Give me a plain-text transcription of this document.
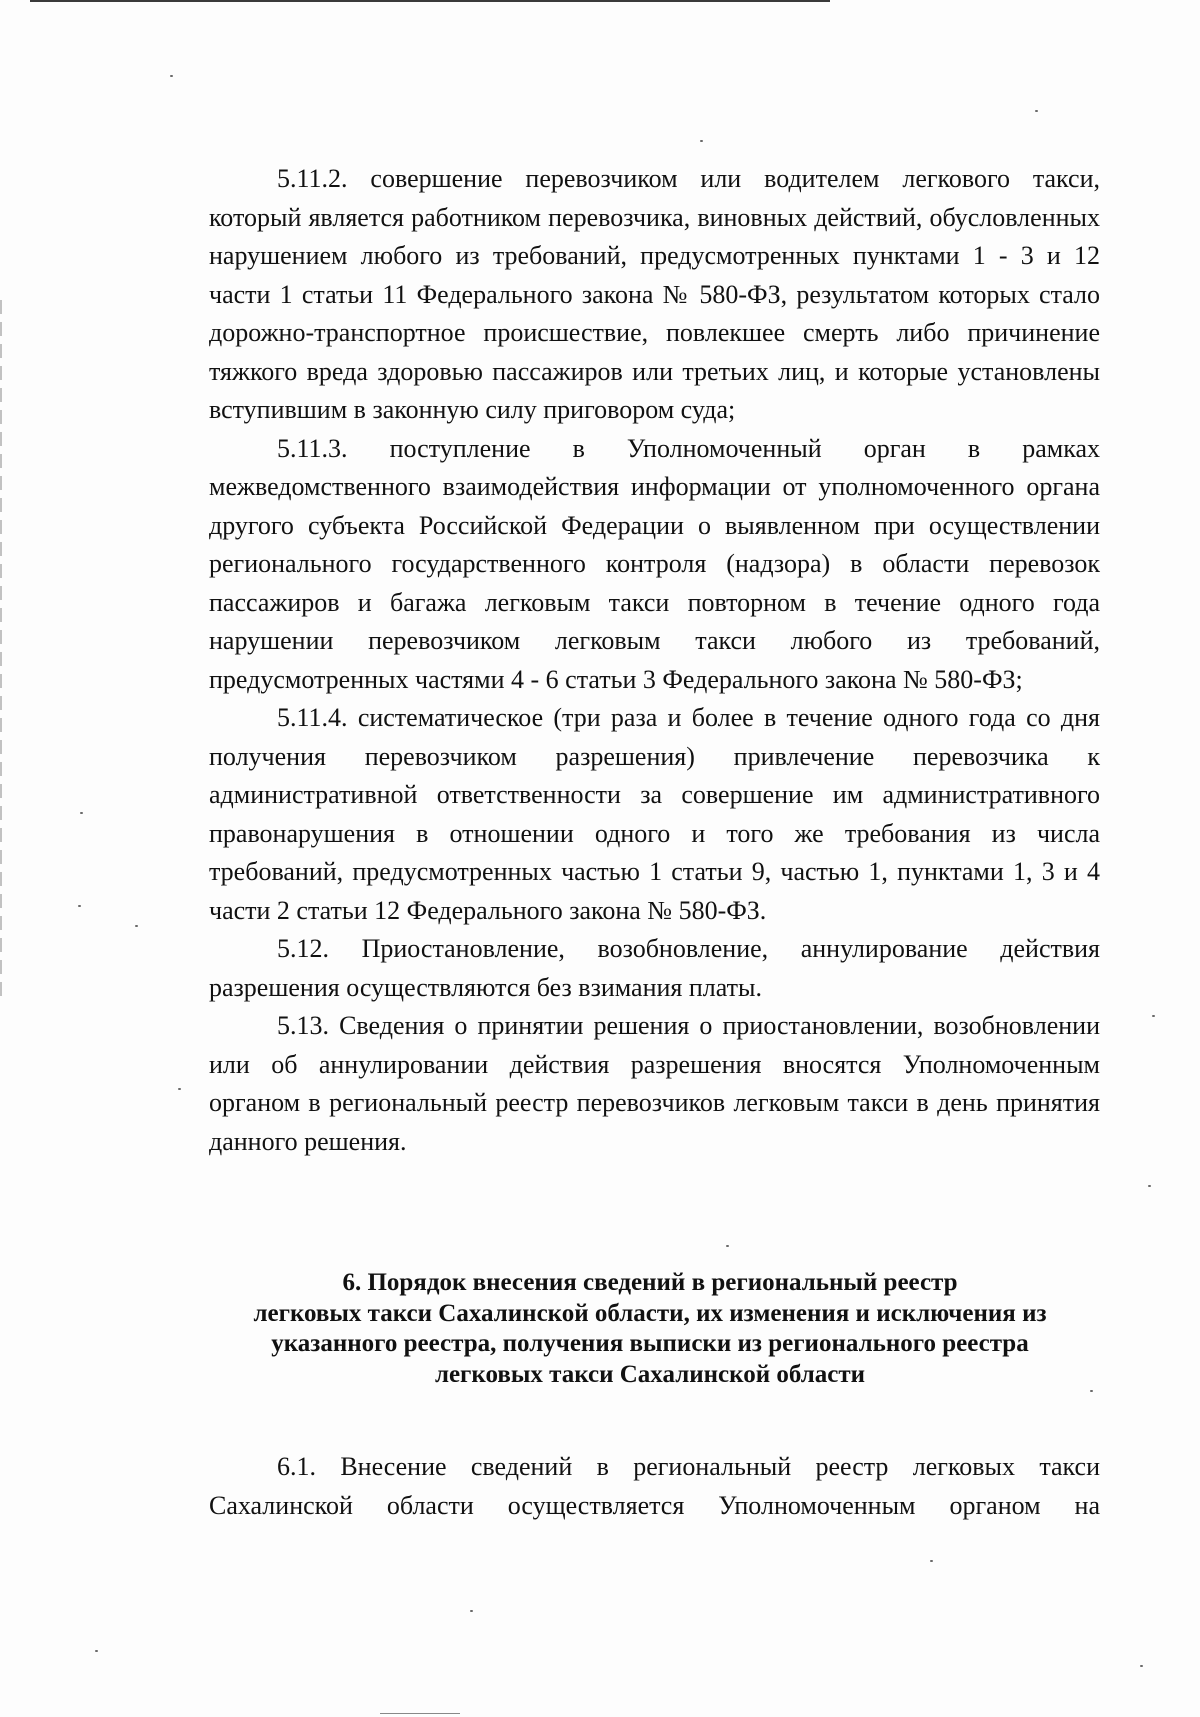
5.11.2. совершение перевозчиком или водителем легкового такси, который является работником перевозчика, виновных действий, обусловленных нарушением любого из требований, предусмотренных пунктами 1 - 3 и 12 части 1 статьи 11 Федерального закона № 580-ФЗ, результатом которых стало дорожно-транспортное происшествие, повлекшее смерть либо причинение тяжкого вреда здоровью пассажиров или третьих лиц, и которые установлены вступившим в законную силу приговором суда;

5.11.3. поступление в Уполномоченный орган в рамках межведомственного взаимодействия информации от уполномоченного органа другого субъекта Российской Федерации о выявленном при осуществлении регионального государственного контроля (надзора) в области перевозок пассажиров и багажа легковым такси повторном в течение одного года нарушении перевозчиком легковым такси любого из требований, предусмотренных частями 4 - 6 статьи 3 Федерального закона № 580-ФЗ;

5.11.4. систематическое (три раза и более в течение одного года со дня получения перевозчиком разрешения) привлечение перевозчика к административной ответственности за совершение им административного правонарушения в отношении одного и того же требования из числа требований, предусмотренных частью 1 статьи 9, частью 1, пунктами 1, 3 и 4 части 2 статьи 12 Федерального закона № 580-ФЗ.

5.12. Приостановление, возобновление, аннулирование действия разрешения осуществляются без взимания платы.

5.13. Сведения о принятии решения о приостановлении, возобновлении или об аннулировании действия разрешения вносятся Уполномоченным органом в региональный реестр перевозчиков легковым такси в день принятия данного решения.

6. Порядок внесения сведений в региональный реестр
легковых такси Сахалинской области, их изменения и исключения из
указанного реестра, получения выписки из регионального реестра
легковых такси Сахалинской области

6.1. Внесение сведений в региональный реестр легковых такси Сахалинской области осуществляется Уполномоченным органом на
